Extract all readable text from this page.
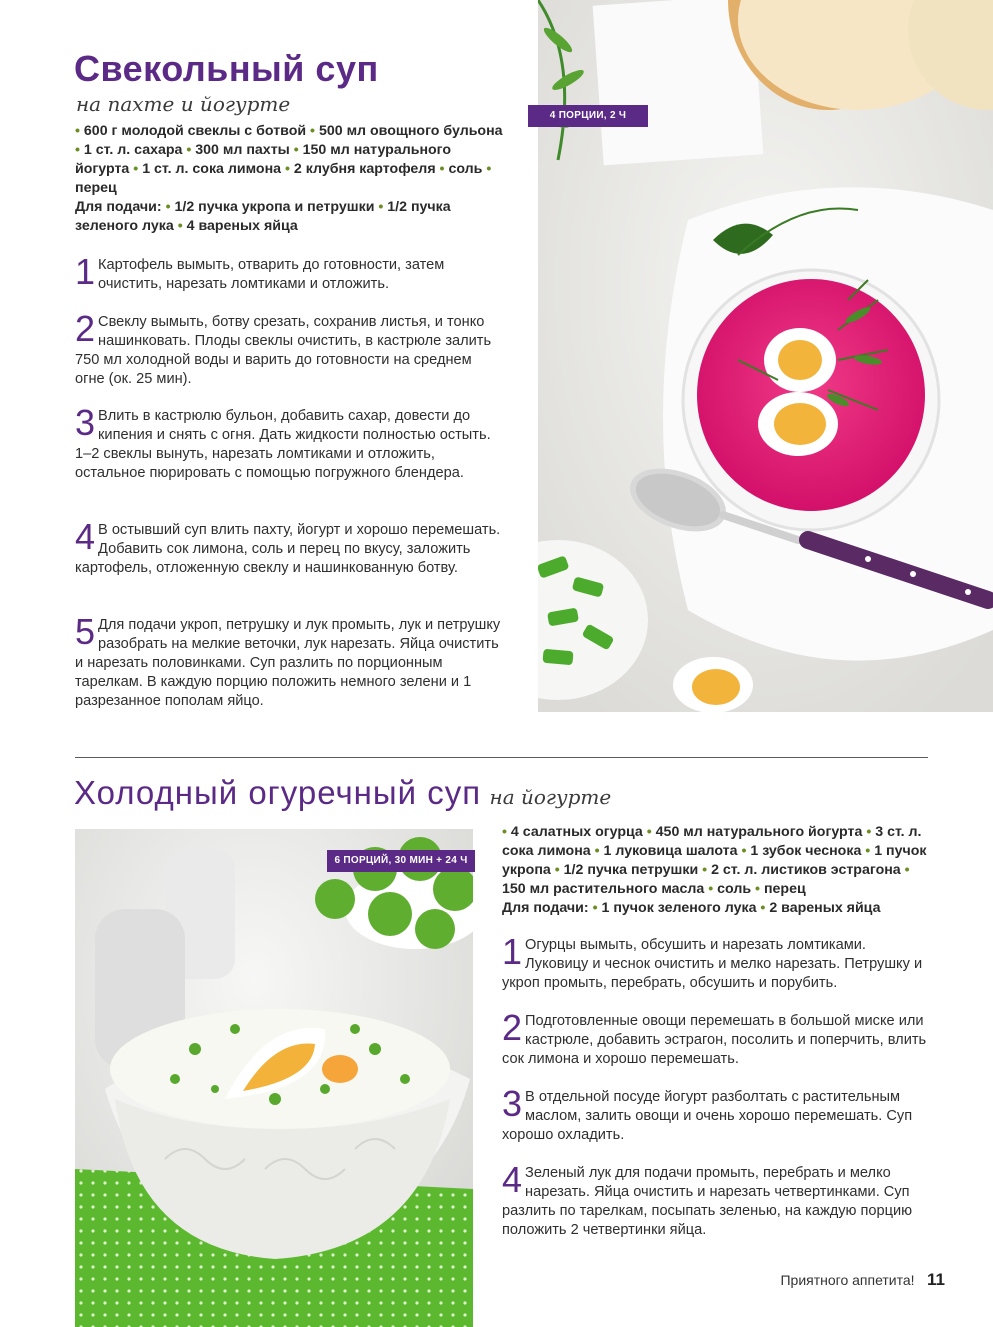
Свекольный суп
на пахте и йогурте
• 600 г молодой свеклы с ботвой • 500 мл овощного бульона • 1 ст. л. сахара • 300 мл пахты • 150 мл натурального йогурта • 1 ст. л. сока лимона • 2 клубня картофеля • соль • перец
Для подачи: • 1/2 пучка укропа и петрушки • 1/2 пучка зеленого лука • 4 вареных яйца
1 Картофель вымыть, отварить до готовности, затем очистить, нарезать ломтиками и отложить.
2 Свеклу вымыть, ботву срезать, сохранив листья, и тонко нашинковать. Плоды свеклы очистить, в кастрюле залить 750 мл холодной воды и варить до готовности на среднем огне (ок. 25 мин).
3 Влить в кастрюлю бульон, добавить сахар, довести до кипения и снять с огня. Дать жидкости полностью остыть. 1–2 свеклы вынуть, нарезать ломтиками и отложить, остальное пюрировать с помощью погружного блендера.
4 В остывший суп влить пахту, йогурт и хорошо перемешать. Добавить сок лимона, соль и перец по вкусу, заложить картофель, отложенную свеклу и нашинкованную ботву.
5 Для подачи укроп, петрушку и лук промыть, лук и петрушку разобрать на мелкие веточки, лук нарезать. Яйца очистить и нарезать половинками. Суп разлить по порционным тарелкам. В каждую порцию положить немного зелени и 1 разрезанное пополам яйцо.
4 ПОРЦИИ, 2 Ч
Холодный огуречный суп на йогурте
6 ПОРЦИЙ, 30 МИН + 24 Ч
• 4 салатных огурца • 450 мл натурального йогурта • 3 ст. л. сока лимона • 1 луковица шалота • 1 зубок чеснока • 1 пучок укропа • 1/2 пучка петрушки • 2 ст. л. листиков эстрагона • 150 мл растительного масла • соль • перец
Для подачи: • 1 пучок зеленого лука • 2 вареных яйца
1 Огурцы вымыть, обсушить и нарезать ломтиками. Луковицу и чеснок очистить и мелко нарезать. Петрушку и укроп промыть, перебрать, обсушить и порубить.
2 Подготовленные овощи перемешать в большой миске или кастрюле, добавить эстрагон, посолить и поперчить, влить сок лимона и хорошо перемешать.
3 В отдельной посуде йогурт разболтать с растительным маслом, залить овощи и очень хорошо перемешать. Суп хорошо охладить.
4 Зеленый лук для подачи промыть, перебрать и мелко нарезать. Яйца очистить и нарезать четвертинками. Суп разлить по тарелкам, посыпать зеленью, на каждую порцию положить 2 четвертинки яйца.
Приятного аппетита! 11
